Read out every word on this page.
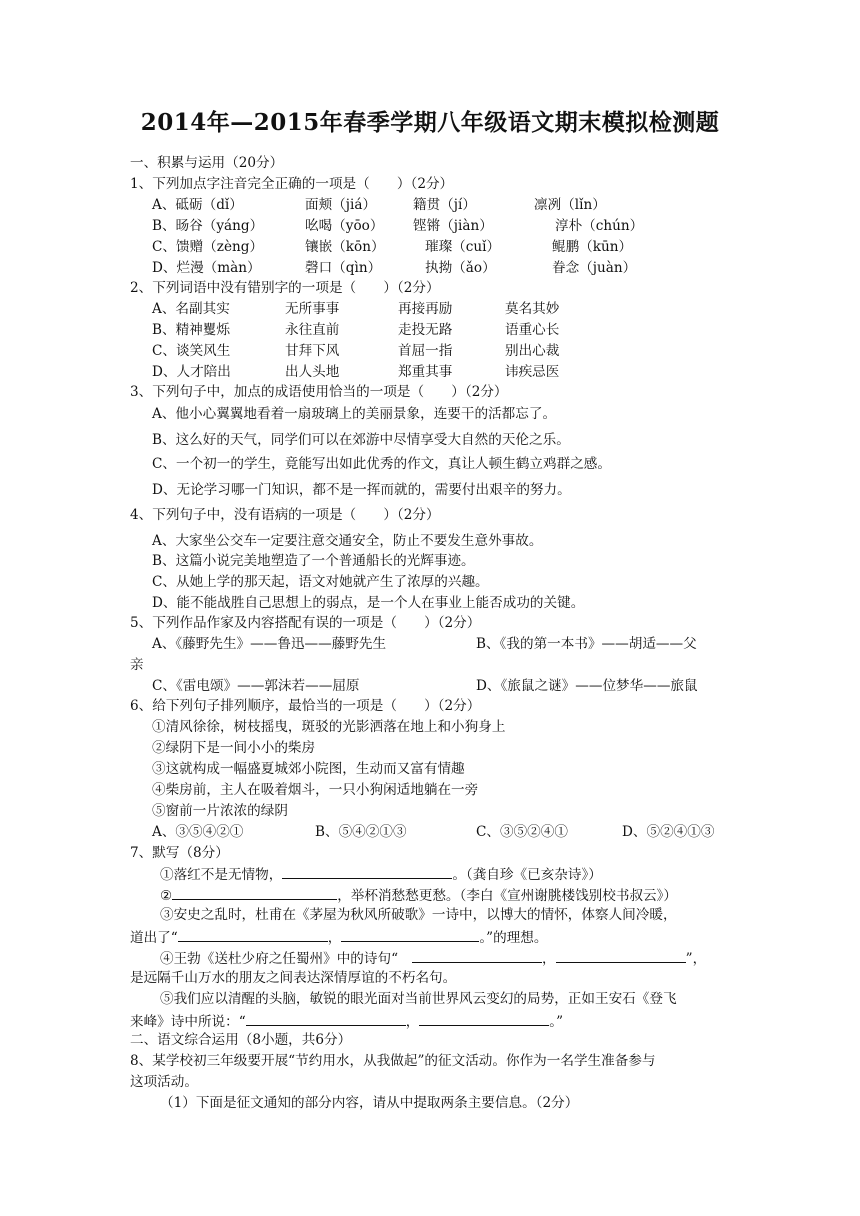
2014年—2015年春季学期八年级语文期末模拟检测题
一、积累与运用（20分）
1、下列加点字注音完全正确的一项是（　　）（2分）
A、砥砺（dǐ）	面颊（jiá）	籍贯（jí）	凛冽（lǐn）
B、旸谷（yáng）	吆喝（yōo） 铿锵（jiàn）	淳朴（chún）
C、馈赠（zèng）	镶嵌（kōn）	璀璨（cuǐ）	鲲鹏（kūn）
D、烂漫（màn）	磬口（qìn）	执拗（ǎo）	眷念（juàn）
2、下列词语中没有错别字的一项是（　　）（2分）
A、名副其实	无所事事	再接再励	莫名其妙
B、精神矍烁	永往直前	走投无路	语重心长
C、谈笑风生	甘拜下风	首屈一指	别出心裁
D、人才陪出	出人头地	郑重其事	讳疾忌医
3、下列句子中，加点的成语使用恰当的一项是（　　）（2分）
A、他小心翼翼地看着一扇玻璃上的美丽景象，连要干的活都忘了。
B、这么好的天气，同学们可以在郊游中尽情享受大自然的天伦之乐。
C、一个初一的学生，竟能写出如此优秀的作文，真让人顿生鹤立鸡群之感。
D、无论学习哪一门知识，都不是一挥而就的，需要付出艰辛的努力。
4、下列句子中，没有语病的一项是（　　）（2分）
A、大家坐公交车一定要注意交通安全，防止不要发生意外事故。
B、这篇小说完美地塑造了一个普通船长的光辉事迹。
C、从她上学的那天起，语文对她就产生了浓厚的兴趣。
D、能不能战胜自己思想上的弱点，是一个人在事业上能否成功的关键。
5、下列作品作家及内容搭配有误的一项是（　　）（2分）
A、《藤野先生》——鲁迅——藤野先生	B、《我的第一本书》——胡适——父
亲
C、《雷电颂》——郭沫若——屈原	D、《旅鼠之谜》——位梦华——旅鼠
6、给下列句子排列顺序，最恰当的一项是（　　）（2分）
①清风徐徐，树枝摇曳，斑驳的光影洒落在地上和小狗身上
②绿阴下是一间小小的柴房
③这就构成一幅盛夏城郊小院图，生动而又富有情趣
④柴房前，主人在吸着烟斗，一只小狗闲适地躺在一旁
⑤窗前一片浓浓的绿阴
A、③⑤④②①	B、⑤④②①③	C、③⑤②④①	D、⑤②④①③
7、默写（8分）
①落红不是无情物，	。（龚自珍《已亥杂诗》）
②	，举杯消愁愁更愁。（李白《宣州谢朓楼饯别校书叔云》）
③安史之乱时，杜甫在《茅屋为秋风所破歌》一诗中，以博大的情怀，体察人间冷暖，
道出了“	，	。”的理想。
④王勃《送杜少府之任蜀州》中的诗句“	，	”，
是远隔千山万水的朋友之间表达深情厚谊的不朽名句。
⑤我们应以清醒的头脑，敏锐的眼光面对当前世界风云变幻的局势，正如王安石《登飞
来峰》诗中所说：“	，	。”
二、语文综合运用（8小题，共6分）
8、某学校初三年级要开展“节约用水，从我做起”的征文活动。你作为一名学生准备参与
这项活动。
（1）下面是征文通知的部分内容，请从中提取两条主要信息。（2分）
